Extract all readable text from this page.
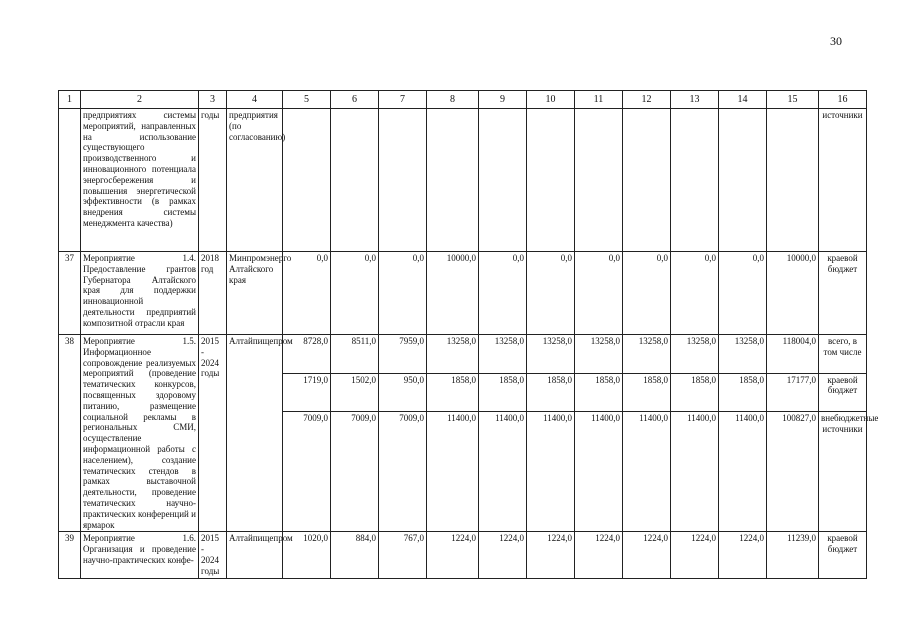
30
1	2	3	4	5	6	7	8	9	10	11	12	13	14	15	16
	предприятиях системы мероприятий, направленных на использование существующего производственного и инновационного потенциала энергосбережения и повышения энергетической эффективности (в рамках внедрения системы менеджмента качества)	годы	предприятия (по согласованию)												источники
37	Мероприятие 1.4. Предоставление грантов Губернатора Алтайского края для поддержки инновационной деятельности предприятий композитной отрасли края	2018 год	Минпромэнерго Алтайского края	0,0	0,0	0,0	10000,0	0,0	0,0	0,0	0,0	0,0	0,0	10000,0	краевой бюджет
38	Мероприятие 1.5. Информационное сопровождение реализуемых мероприятий (проведение тематических конкурсов, посвященных здоровому питанию, размещение социальной рекламы в региональных СМИ, осуществление информационной работы с населением), создание тематических стендов в рамках выставочной деятельности, проведение тематических научно-практических конференций и ярмарок	2015 - 2024 годы	Алтайпищепром	8728,0	8511,0	7959,0	13258,0	13258,0	13258,0	13258,0	13258,0	13258,0	13258,0	118004,0	всего, в том числе
				1719,0	1502,0	950,0	1858,0	1858,0	1858,0	1858,0	1858,0	1858,0	1858,0	17177,0	краевой бюджет
				7009,0	7009,0	7009,0	11400,0	11400,0	11400,0	11400,0	11400,0	11400,0	11400,0	100827,0	внебюджетные источники
39	Мероприятие 1.6. Организация и проведение научно-практических конфе-	2015 - 2024 годы	Алтайпищепром	1020,0	884,0	767,0	1224,0	1224,0	1224,0	1224,0	1224,0	1224,0	1224,0	11239,0	краевой бюджет
